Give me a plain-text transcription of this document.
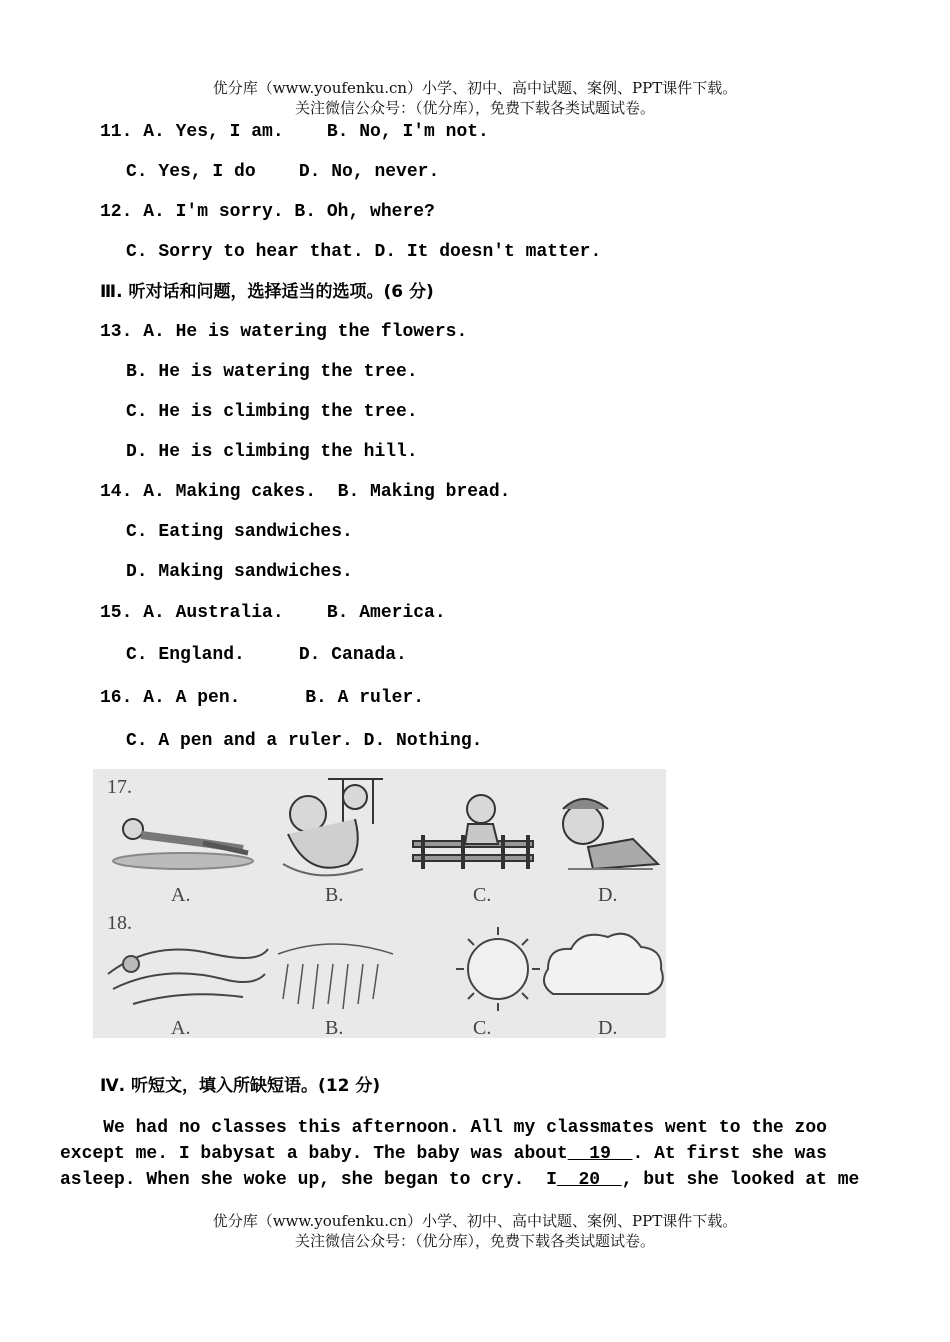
优分库（www.youfenku.cn）小学、初中、高中试题、案例、PPT课件下载。
关注微信公众号：（优分库），免费下载各类试题试卷。
11. A. Yes, I am.    B. No, I'm not.
C. Yes, I do    D. No, never.
12. A. I'm sorry. B. Oh, where?
C. Sorry to hear that. D. It doesn't matter.
Ⅲ. 听对话和问题，选择适当的选项。(6 分)
13. A. He is watering the flowers.
B. He is watering the tree.
C. He is climbing the tree.
D. He is climbing the hill.
14. A. Making cakes.  B. Making bread.
C. Eating sandwiches.
D. Making sandwiches.
15. A. Australia.    B. America.
C. England.     D. Canada.
16. A. A pen.      B. A ruler.
C. A pen and a ruler. D. Nothing.
17.
18.
A.	B.	C.	D.
A.	B.	C.	D.
Ⅳ. 听短文，填入所缺短语。(12 分)
We had no classes this afternoon. All my classmates went to the zoo
except me. I babysat a baby. The baby was about  19  . At first she was
asleep. When she woke up, she began to cry.  I  20  , but she looked at me
优分库（www.youfenku.cn）小学、初中、高中试题、案例、PPT课件下载。
关注微信公众号：（优分库），免费下载各类试题试卷。
